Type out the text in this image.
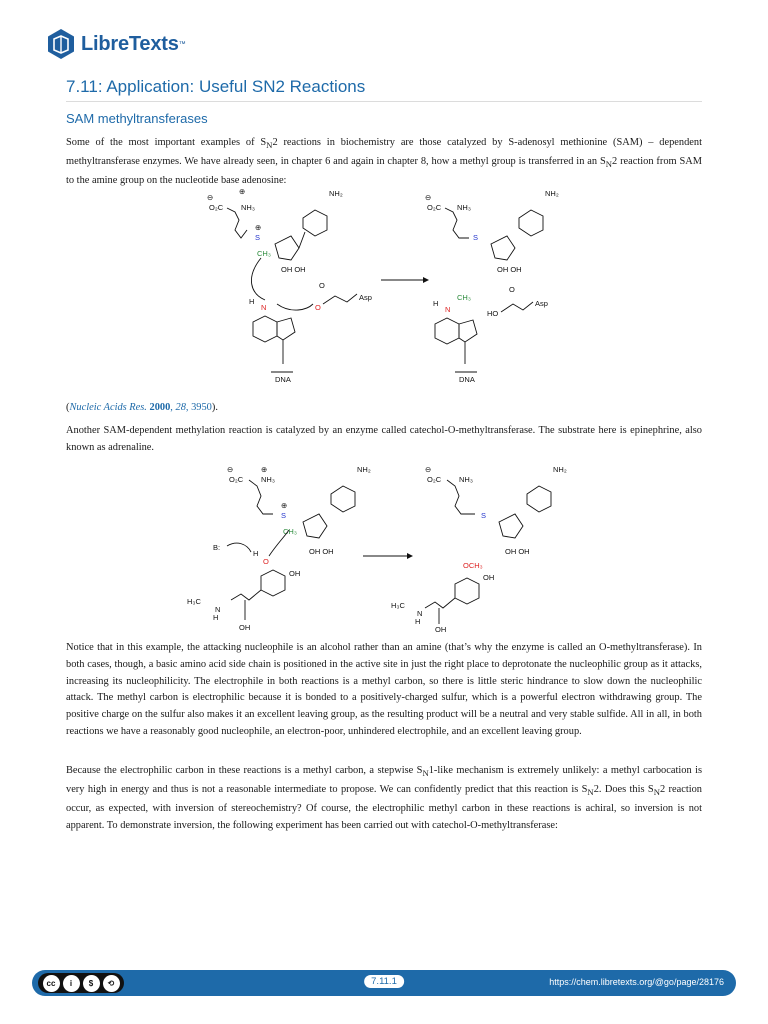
LibreTexts ™
7.11: Application: Useful SN2 Reactions
SAM methyltransferases

Some of the most important examples of $S_N2$ reactions in biochemistry are those catalyzed by S-adenosyl methionine (SAM) – dependent methyltransferase enzymes. We have already seen, in chapter 6 and again in chapter 8, how a methyl group is transferred in an $S_N2$ reaction from SAM to the amine group on the nucleotide base adenosine:

⊖
O₂C
⊕
NH₃
S
⊕
CH₃
OH OH
NH₂
H
N
DNA
O
O
Asp
⊖
O₂C NH₃
S
OH OH
NH₂
H
N
CH₃
DNA
HO
O
Asp

(Nucleic Acids Res. 2000, 28, 3950).

Another SAM-dependent methylation reaction is catalyzed by an enzyme called catechol-O-methyltransferase. The substrate here is epinephrine, also known as adrenaline.

⊖
O₂C NH₃
⊕
S
⊕
CH₃
OH OH
NH₂
B:
H
O
OH
H₃C
N
H
OH
⊖
O₂C NH₃
S
OH OH
NH₂
OCH₃
OH
H₃C
N
H
OH

Notice that in this example, the attacking nucleophile is an alcohol rather than an amine (that’s why the enzyme is called an O-methyltransferase). In both cases, though, a basic amino acid side chain is positioned in the active site in just the right place to deprotonate the nucleophilic group as it attacks, increasing its nucleophilicity. The electrophile in both reactions is a methyl carbon, so there is little steric hindrance to slow down the nucleophilic attack. The methyl carbon is electrophilic because it is bonded to a positively-charged sulfur, which is a powerful electron withdrawing group. The positive charge on the sulfur also makes it an excellent leaving group, as the resulting product will be a neutral and very stable sulfide. All in all, in both reactions we have a reasonably good nucleophile, an electron-poor, unhindered electrophile, and an excellent leaving group.

Because the electrophilic carbon in these reactions is a methyl carbon, a stepwise $S_N1$-like mechanism is extremely unlikely: a methyl carbocation is very high in energy and thus is not a reasonable intermediate to propose. We can confidently predict that this reaction is $S_N2$. Does this $S_N2$ reaction occur, as expected, with inversion of stereochemistry? Of course, the electrophilic methyl carbon in these reactions is achiral, so inversion is not apparent. To demonstrate inversion, the following experiment has been carried out with catechol-O-methyltransferase:

cc	i	$	⟲	7.11.1	https://chem.libretexts.org/@go/page/28176
